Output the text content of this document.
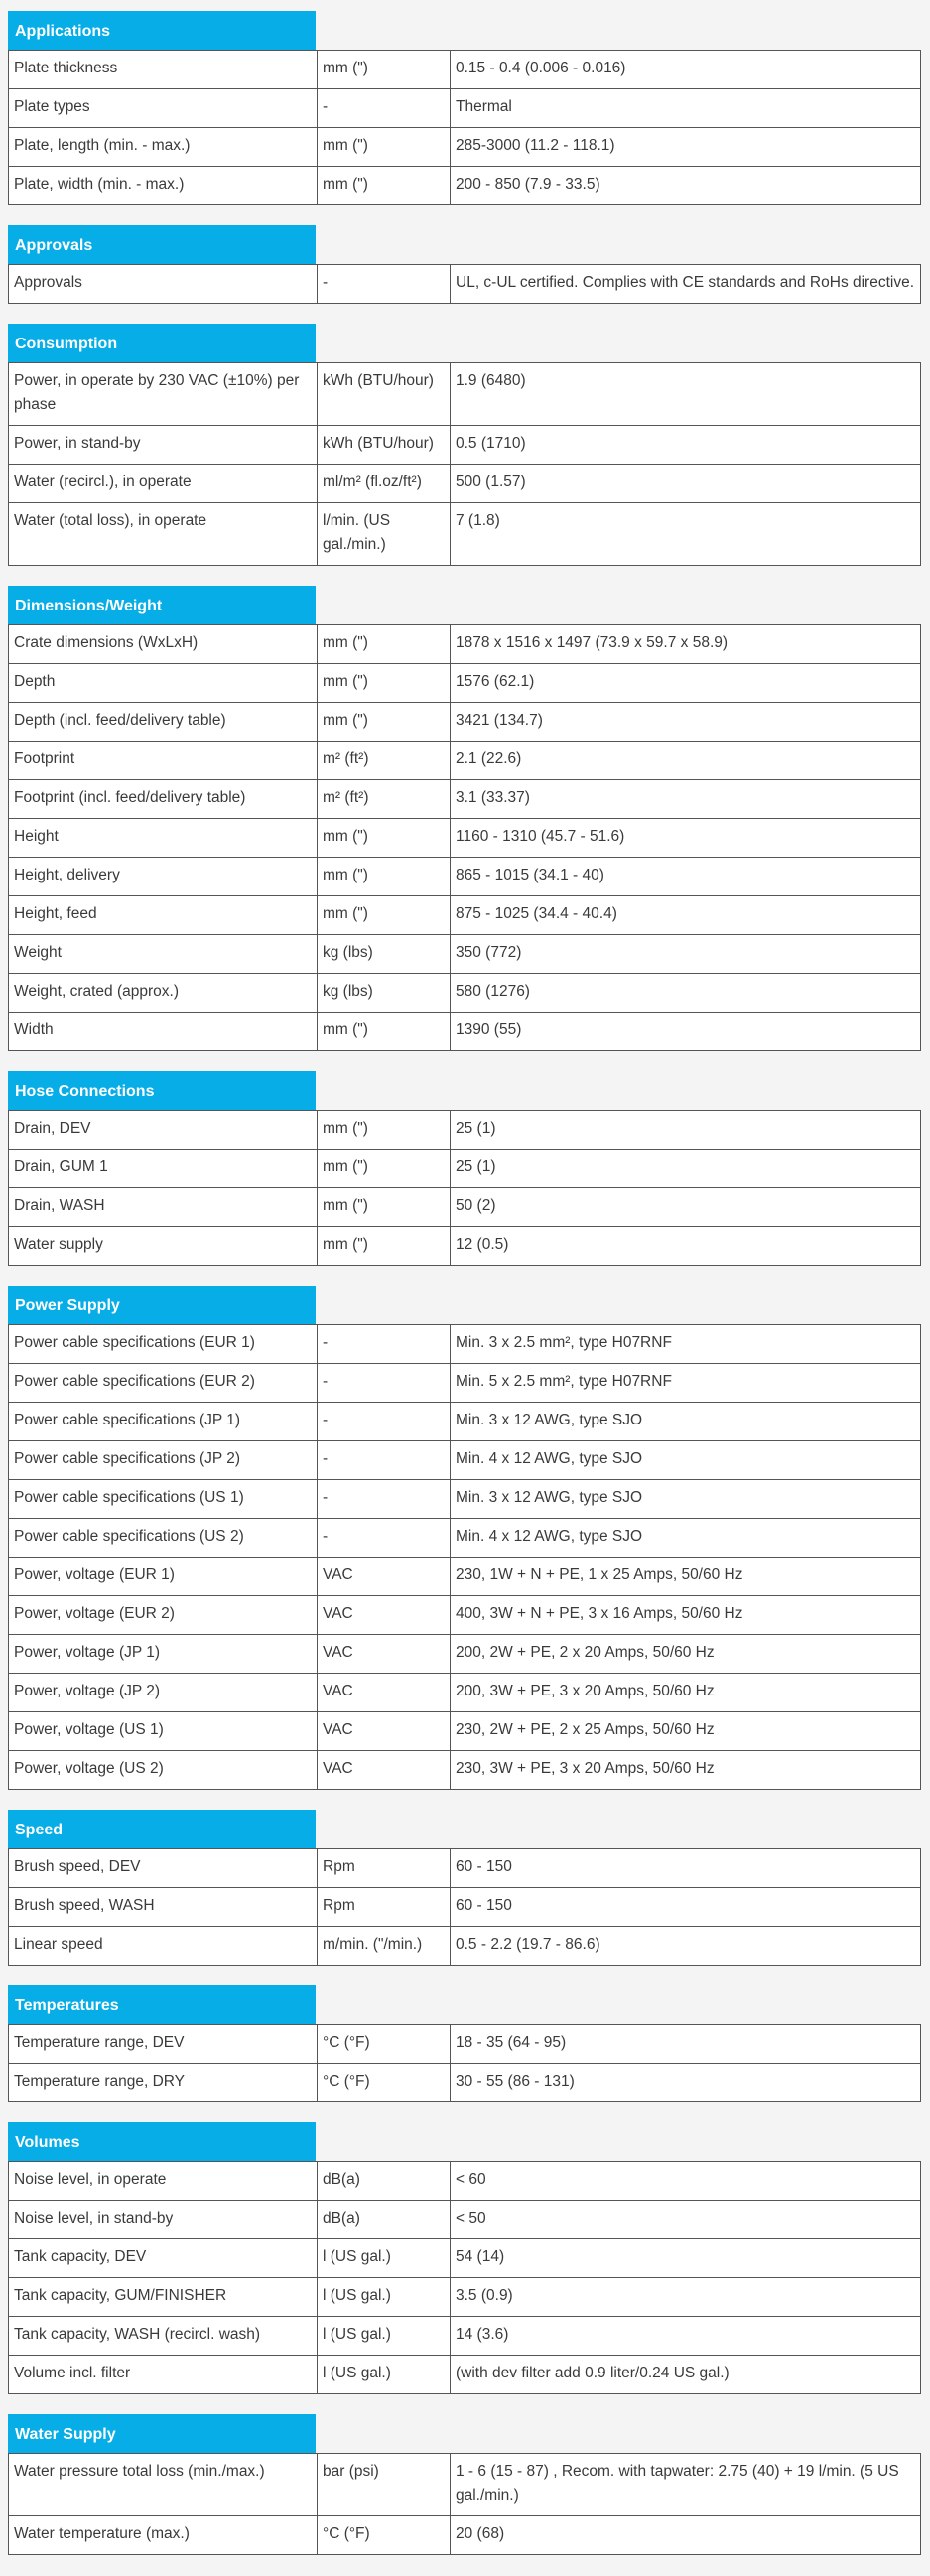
Applications
Plate thickness	mm (")	0.15 - 0.4 (0.006 - 0.016)
Plate types	-	Thermal
Plate, length (min. - max.)	mm (")	285-3000 (11.2 - 118.1)
Plate, width (min. - max.)	mm (")	200 - 850 (7.9 - 33.5)
Approvals
Approvals	-	UL, c-UL certified. Complies with CE standards and RoHs directive.
Consumption
Power, in operate by 230 VAC (±10%) per phase	kWh (BTU/hour)	1.9 (6480)
Power, in stand-by	kWh (BTU/hour)	0.5 (1710)
Water (recircl.), in operate	ml/m² (fl.oz/ft²)	500 (1.57)
Water (total loss), in operate	l/min. (US gal./min.)	7 (1.8)
Dimensions/Weight
Crate dimensions (WxLxH)	mm (")	1878 x 1516 x 1497 (73.9 x 59.7 x 58.9)
Depth	mm (")	1576 (62.1)
Depth (incl. feed/delivery table)	mm (")	3421 (134.7)
Footprint	m² (ft²)	2.1 (22.6)
Footprint (incl. feed/delivery table)	m² (ft²)	3.1 (33.37)
Height	mm (")	1160 - 1310 (45.7 - 51.6)
Height, delivery	mm (")	865 - 1015 (34.1 - 40)
Height, feed	mm (")	875 - 1025 (34.4 - 40.4)
Weight	kg (lbs)	350 (772)
Weight, crated (approx.)	kg (lbs)	580 (1276)
Width	mm (")	1390 (55)
Hose Connections
Drain, DEV	mm (")	25 (1)
Drain, GUM 1	mm (")	25 (1)
Drain, WASH	mm (")	50 (2)
Water supply	mm (")	12 (0.5)
Power Supply
Power cable specifications (EUR 1)	-	Min. 3 x 2.5 mm², type H07RNF
Power cable specifications (EUR 2)	-	Min. 5 x 2.5 mm², type H07RNF
Power cable specifications (JP 1)	-	Min. 3 x 12 AWG, type SJO
Power cable specifications (JP 2)	-	Min. 4 x 12 AWG, type SJO
Power cable specifications (US 1)	-	Min. 3 x 12 AWG, type SJO
Power cable specifications (US 2)	-	Min. 4 x 12 AWG, type SJO
Power, voltage (EUR 1)	VAC	230, 1W + N + PE, 1 x 25 Amps, 50/60 Hz
Power, voltage (EUR 2)	VAC	400, 3W + N + PE, 3 x 16 Amps, 50/60 Hz
Power, voltage (JP 1)	VAC	200, 2W + PE, 2 x 20 Amps, 50/60 Hz
Power, voltage (JP 2)	VAC	200, 3W + PE, 3 x 20 Amps, 50/60 Hz
Power, voltage (US 1)	VAC	230, 2W + PE, 2 x 25 Amps, 50/60 Hz
Power, voltage (US 2)	VAC	230, 3W + PE, 3 x 20 Amps, 50/60 Hz
Speed
Brush speed, DEV	Rpm	60 - 150
Brush speed, WASH	Rpm	60 - 150
Linear speed	m/min. ("/min.)	0.5 - 2.2 (19.7 - 86.6)
Temperatures
Temperature range, DEV	°C (°F)	18 - 35 (64 - 95)
Temperature range, DRY	°C (°F)	30 - 55 (86 - 131)
Volumes
Noise level, in operate	dB(a)	< 60
Noise level, in stand-by	dB(a)	< 50
Tank capacity, DEV	l (US gal.)	54 (14)
Tank capacity, GUM/FINISHER	l (US gal.)	3.5 (0.9)
Tank capacity, WASH (recircl. wash)	l (US gal.)	14 (3.6)
Volume incl. filter	l (US gal.)	(with dev filter add 0.9 liter/0.24 US gal.)
Water Supply
Water pressure total loss (min./max.)	bar (psi)	1 - 6 (15 - 87) , Recom. with tapwater: 2.75 (40) + 19 l/min. (5 US gal./min.)
Water temperature (max.)	°C (°F)	20 (68)
